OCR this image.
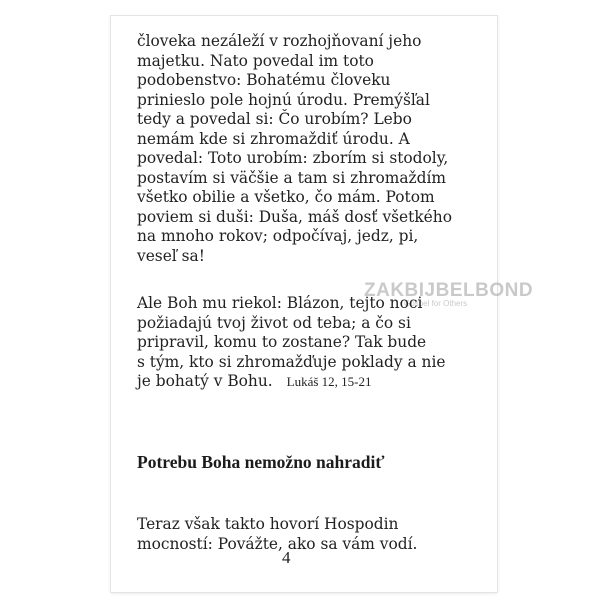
človeka nezáleží v rozhojňovaní jeho
majetku. Nato povedal im toto
podobenstvo: Bohatému človeku
prinieslo pole hojnú úrodu. Premýšľal
tedy a povedal si: Čo urobím? Lebo
nemám kde si zhromaždiť úrodu. A
povedal: Toto urobím: zborím si stodoly,
postavím si väčšie a tam si zhromaždím
všetko obilie a všetko, čo mám. Potom
poviem si duši: Duša, máš dosť všetkého
na mnoho rokov; odpočívaj, jedz, pi,
veseľ sa!
ZAKBIJBELBOND
Gospel for Others
Ale Boh mu riekol: Blázon, tejto noci
požiadajú tvoj život od teba; a čo si
pripravil, komu to zostane? Tak bude
s tým, kto si zhromažďuje poklady a nie
je bohatý v Bohu. Lukáš 12, 15-21
Potrebu Boha nemožno nahradiť
Teraz však takto hovorí Hospodin
mocností: Povážte, ako sa vám vodí.
4
